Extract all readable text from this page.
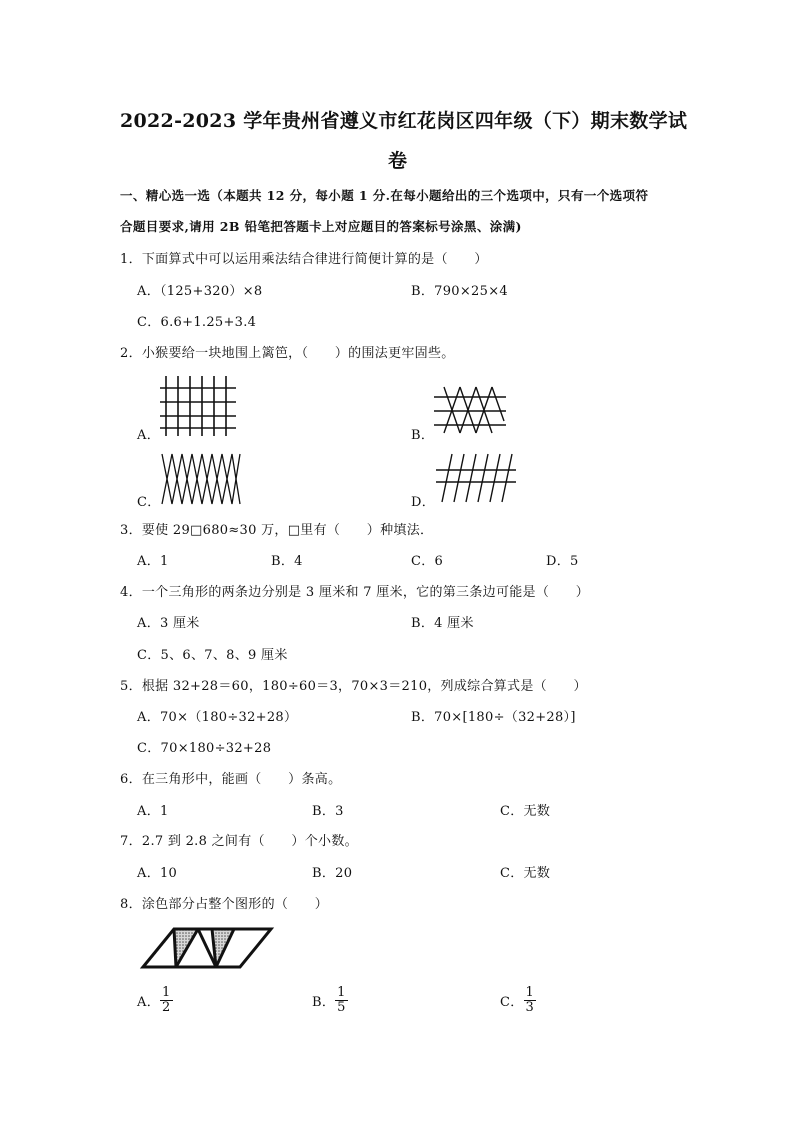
2022-2023 学年贵州省遵义市红花岗区四年级（下）期末数学试
卷
一、精心选一选（本题共 12 分，每小题 1 分.在每小题给出的三个选项中，只有一个选项符
合题目要求,请用 2B 铅笔把答题卡上对应题目的答案标号涂黑、涂满)
1．下面算式中可以运用乘法结合律进行简便计算的是（　　）
A．（125+320）×8	B．790×25×4
C．6.6+1.25+3.4
2．小猴要给一块地围上篱笆，（　　）的围法更牢固些。
A．	B．
C．	D．
3．要使 29□680≈30 万，□里有（　　）种填法．
A．1	B．4	C．6	D．5
4．一个三角形的两条边分别是 3 厘米和 7 厘米，它的第三条边可能是（　　）
A．3 厘米	B．4 厘米
C．5、6、7、8、9 厘米
5．根据 32+28＝60，180÷60＝3，70×3＝210，列成综合算式是（　　）
A．70×（180÷32+28）	B．70×[180÷（32+28）]
C．70×180÷32+28
6．在三角形中，能画（　　）条高。
A．1	B．3	C．无数
7．2.7 到 2.8 之间有（　　）个小数。
A．10	B．20	C．无数
8．涂色部分占整个图形的（　　）
A． $\frac{1}{2}$	B． $\frac{1}{5}$	C． $\frac{1}{3}$
